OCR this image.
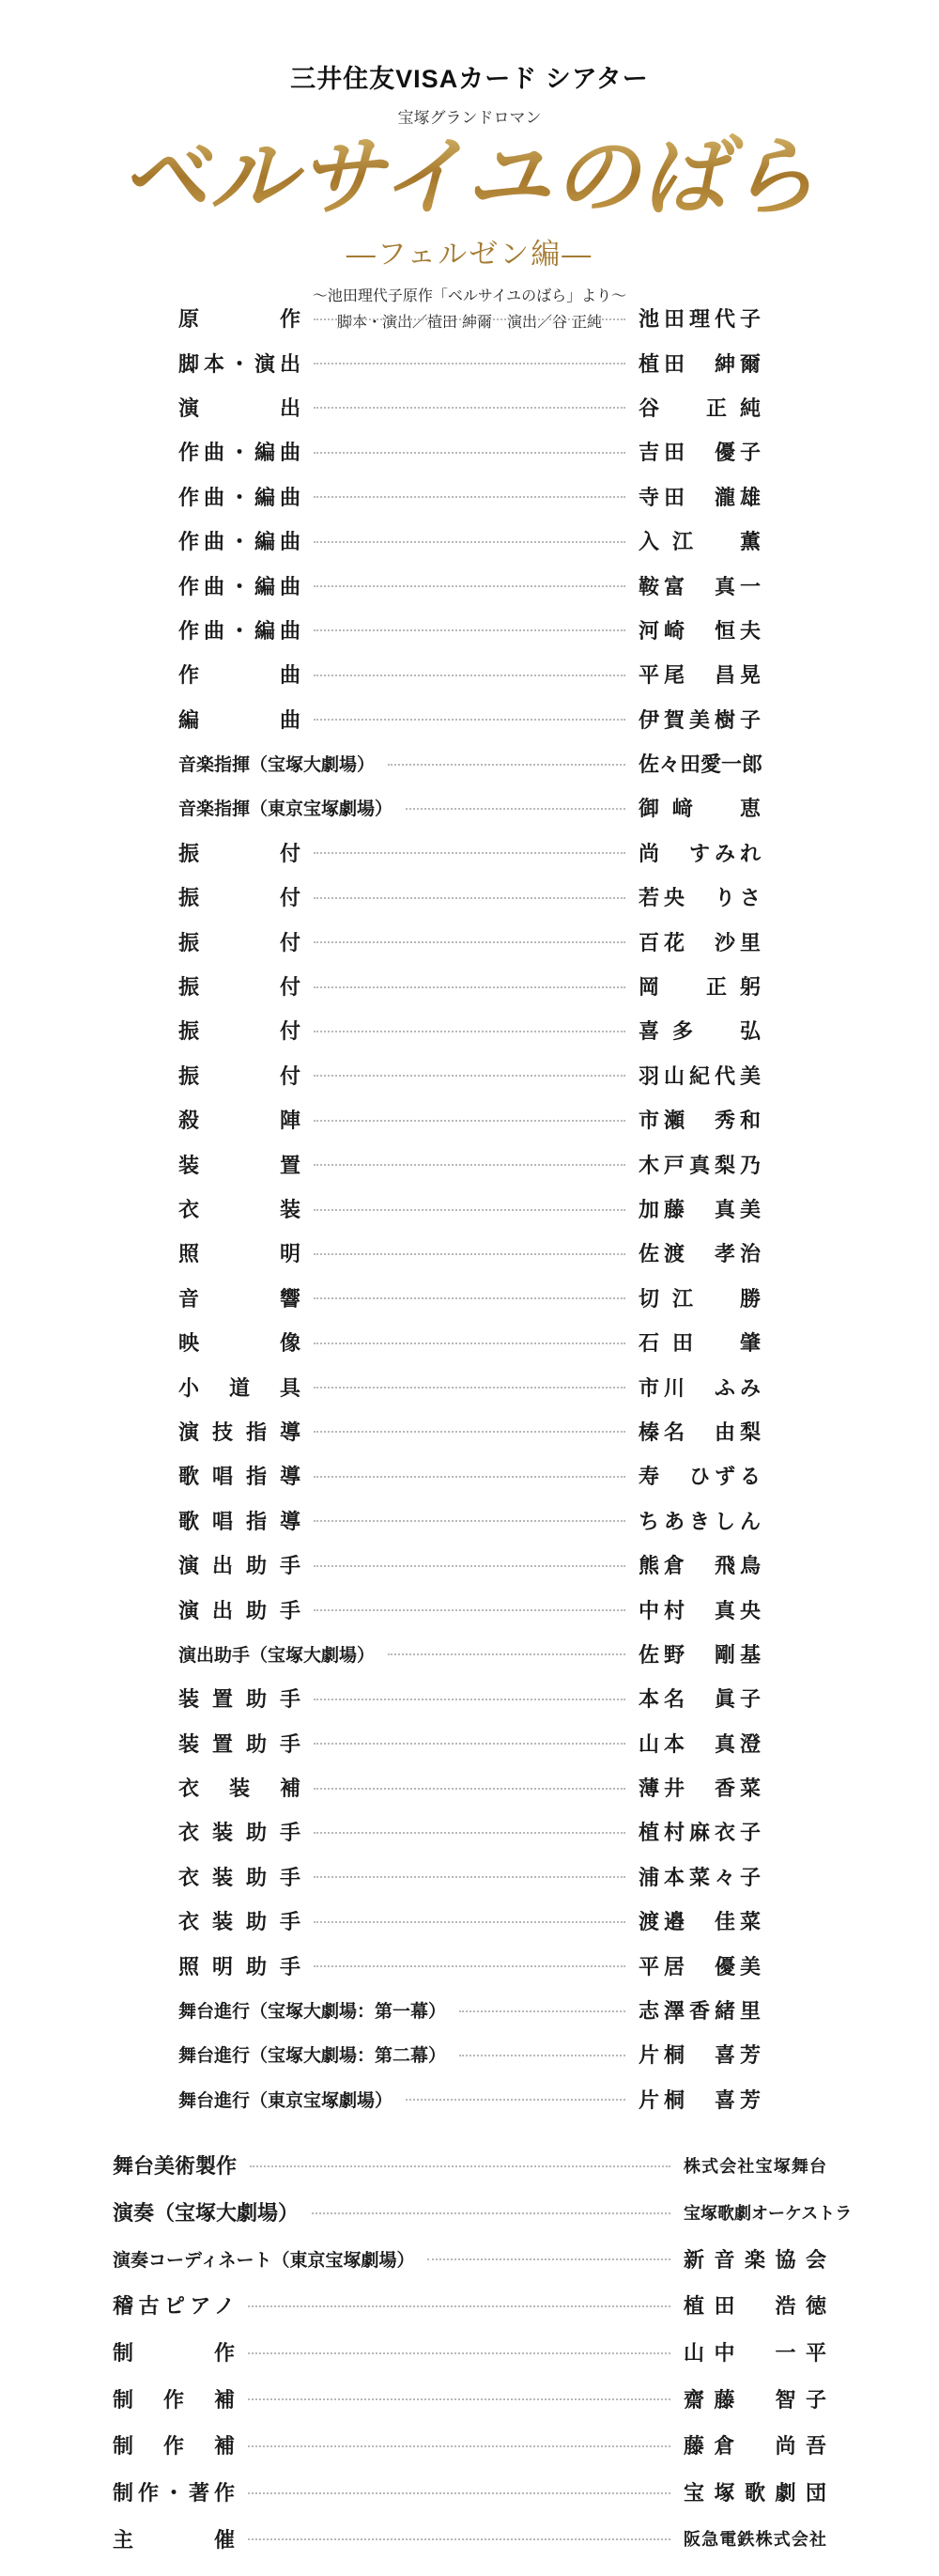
三井住友VISAカード シアター
宝塚グランドロマン
ベルサイユのばら
―フェルゼン編―
～池田理代子原作「ベルサイユのばら」より～
脚本・演出／植田 紳爾　演出／谷 正純
原　　作	池田理代子
脚本・演出	植田　紳爾
演　　出	谷　正純
作曲・編曲	吉田　優子
作曲・編曲	寺田　瀧雄
作曲・編曲	入江　薫
作曲・編曲	鞍富　真一
作曲・編曲	河崎　恒夫
作　　曲	平尾　昌晃
編　　曲	伊賀美樹子
音楽指揮（宝塚大劇場）	佐々田愛一郎
音楽指揮（東京宝塚劇場）	御﨑　恵
振　　付	尚　すみれ
振　　付	若央　りさ
振　　付	百花　沙里
振　　付	岡　正躬
振　　付	喜多　弘
振　　付	羽山紀代美
殺　　陣	市瀬　秀和
装　　置	木戸真梨乃
衣　　装	加藤　真美
照　　明	佐渡　孝治
音　　響	切江　勝
映　　像	石田　肇
小　道　具	市川　ふみ
演技指導	榛名　由梨
歌唱指導	寿　ひずる
歌唱指導	ちあきしん
演出助手	熊倉　飛鳥
演出助手	中村　真央
演出助手（宝塚大劇場）	佐野　剛基
装置助手	本名　眞子
装置助手	山本　真澄
衣　装　補	薄井　香菜
衣装助手	植村麻衣子
衣装助手	浦本菜々子
衣装助手	渡邉　佳菜
照明助手	平居　優美
舞台進行（宝塚大劇場：第一幕）	志澤香緒里
舞台進行（宝塚大劇場：第二幕）	片桐　喜芳
舞台進行（東京宝塚劇場）	片桐　喜芳
舞台美術製作	株式会社宝塚舞台
演奏（宝塚大劇場）	宝塚歌劇オーケストラ
演奏コーディネート（東京宝塚劇場）	新音楽協会
稽古ピアノ	植田　浩徳
制　　作	山中　一平
制　作　補	齋藤　智子
制　作　補	藤倉　尚吾
制作・著作	宝塚歌劇団
主　　催	阪急電鉄株式会社
